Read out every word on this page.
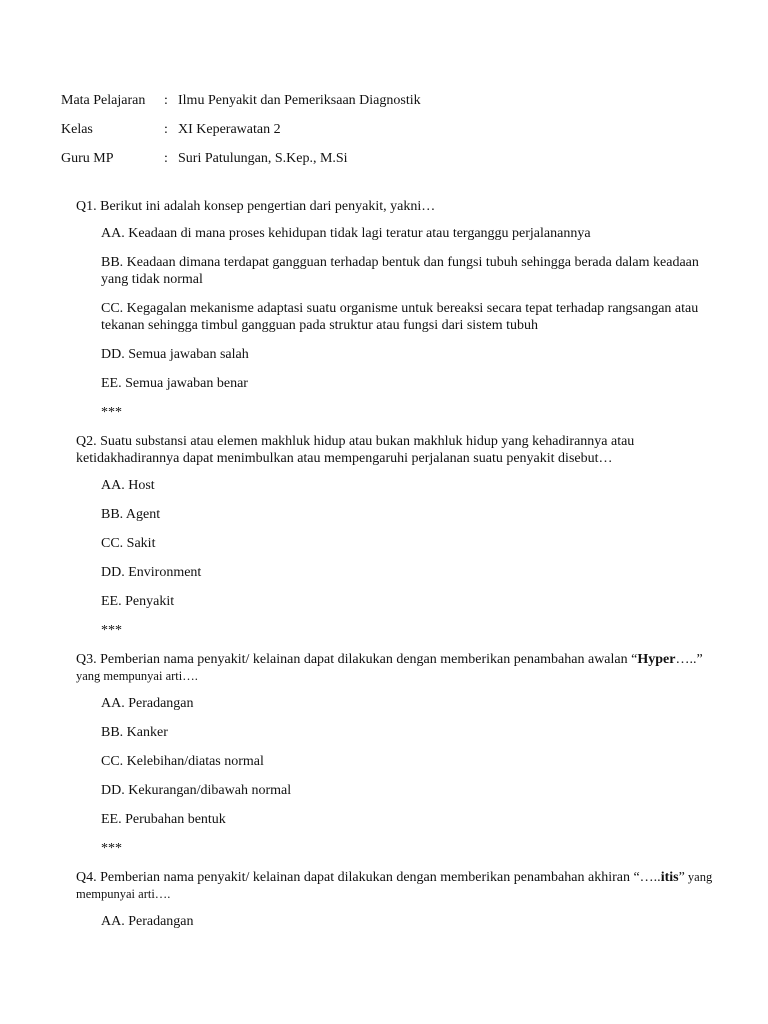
Mata Pelajaran	: Ilmu Penyakit dan Pemeriksaan Diagnostik
Kelas	: XI Keperawatan 2
Guru MP	: Suri Patulungan, S.Kep., M.Si
Q1. Berikut ini adalah konsep pengertian dari penyakit, yakni…
AA. Keadaan di mana proses kehidupan tidak lagi teratur atau terganggu perjalanannya
BB. Keadaan dimana terdapat gangguan terhadap bentuk dan fungsi tubuh sehingga berada dalam keadaan yang tidak normal
CC. Kegagalan mekanisme adaptasi suatu organisme untuk bereaksi secara tepat terhadap rangsangan atau tekanan sehingga timbul gangguan pada struktur atau fungsi dari sistem tubuh
DD. Semua jawaban salah
EE. Semua jawaban benar
***
Q2. Suatu substansi atau elemen makhluk hidup atau bukan makhluk hidup yang kehadirannya atau ketidakhadirannya dapat menimbulkan atau mempengaruhi perjalanan suatu penyakit disebut…
AA. Host
BB. Agent
CC. Sakit
DD. Environment
EE. Penyakit
***
Q3. Pemberian nama penyakit/ kelainan dapat dilakukan dengan memberikan penambahan awalan “Hyper…..” yang mempunyai arti….
AA. Peradangan
BB. Kanker
CC. Kelebihan/diatas normal
DD. Kekurangan/dibawah normal
EE. Perubahan bentuk
***
Q4. Pemberian nama penyakit/ kelainan dapat dilakukan dengan memberikan penambahan akhiran “…..itis” yang mempunyai arti….
AA. Peradangan
